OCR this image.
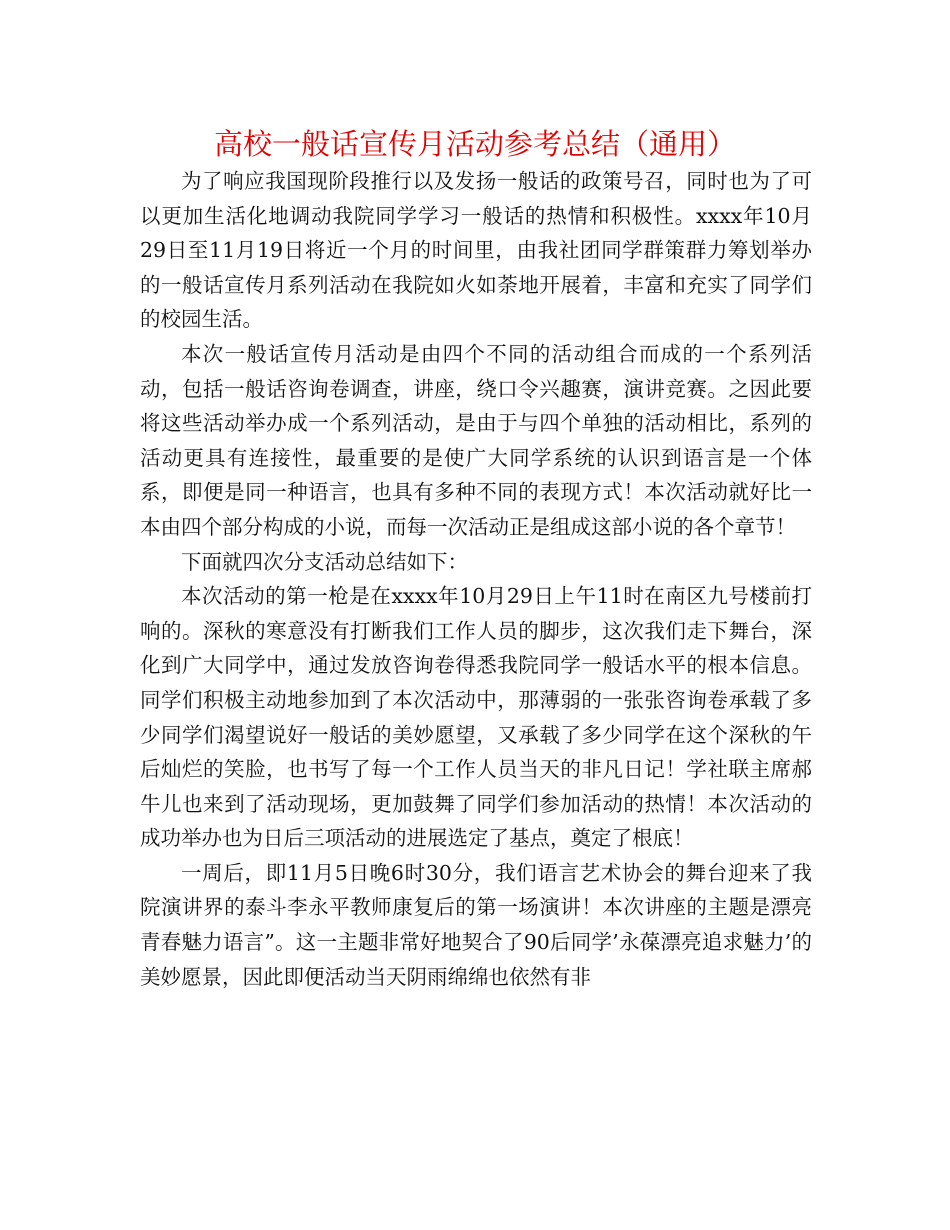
高校一般话宣传月活动参考总结（通用）

为了响应我国现阶段推行以及发扬一般话的政策号召，同时也为了可以更加生活化地调动我院同学学习一般话的热情和积极性。xxxx年10月29日至11月19日将近一个月的时间里，由我社团同学群策群力筹划举办的一般话宣传月系列活动在我院如火如荼地开展着，丰富和充实了同学们的校园生活。

本次一般话宣传月活动是由四个不同的活动组合而成的一个系列活动，包括一般话咨询卷调查，讲座，绕口令兴趣赛，演讲竞赛。之因此要将这些活动举办成一个系列活动，是由于与四个单独的活动相比，系列的活动更具有连接性，最重要的是使广大同学系统的认识到语言是一个体系，即便是同一种语言，也具有多种不同的表现方式！本次活动就好比一本由四个部分构成的小说，而每一次活动正是组成这部小说的各个章节！

下面就四次分支活动总结如下：

本次活动的第一枪是在xxxx年10月29日上午11时在南区九号楼前打响的。深秋的寒意没有打断我们工作人员的脚步，这次我们走下舞台，深化到广大同学中，通过发放咨询卷得悉我院同学一般话水平的根本信息。同学们积极主动地参加到了本次活动中，那薄弱的一张张咨询卷承载了多少同学们渴望说好一般话的美妙愿望，又承载了多少同学在这个深秋的午后灿烂的笑脸，也书写了每一个工作人员当天的非凡日记！学社联主席郝牛儿也来到了活动现场，更加鼓舞了同学们参加活动的热情！本次活动的成功举办也为日后三项活动的进展选定了基点，奠定了根底！

一周后，即11月5日晚6时30分，我们语言艺术协会的舞台迎来了我院演讲界的泰斗李永平教师康复后的第一场演讲！本次讲座的主题是漂亮青春魅力语言”。这一主题非常好地契合了90后同学’永葆漂亮追求魅力’的美妙愿景，因此即便活动当天阴雨绵绵也依然有非
